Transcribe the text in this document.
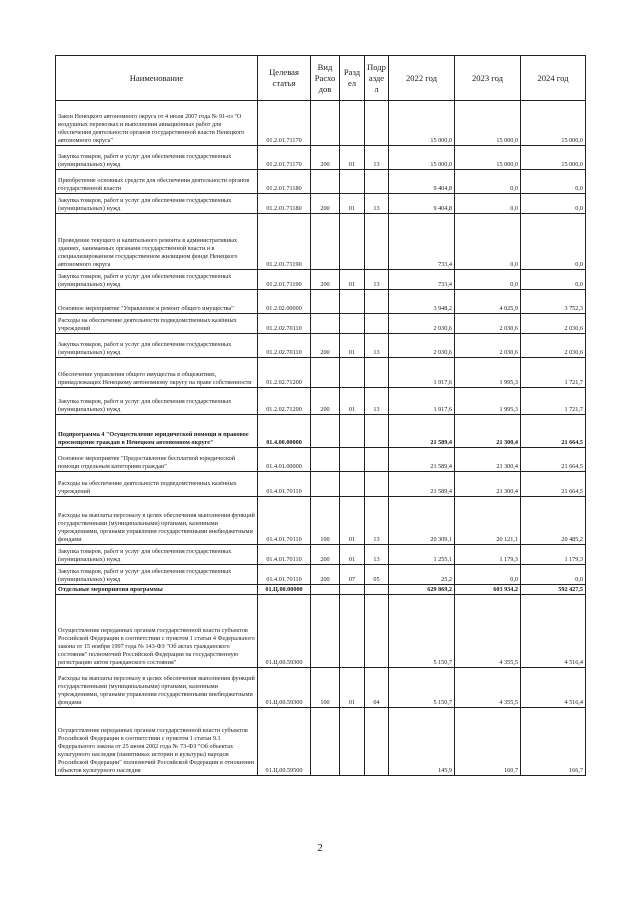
Наименование	Целевая статья	Вид Расхо дов	Разд ел	Подр азде л	2022 год	2023 год	2024 год
Закон Ненецкого автономного округа от 4 июля 2007 года № 91-оз "О воздушных перевозках и выполнении авиационных работ для обеспечения деятельности органов государственной власти Ненецкого автономного округа"	01.2.01.71170				15 000,0	15 000,0	15 000,0
Закупка товаров, работ и услуг для обеспечения государственных (муниципальных) нужд	01.2.01.71170	200	01	13	15 000,0	15 000,0	15 000,0
Приобретение основных средств для обеспечения деятельности органов государственной власти	01.2.01.71180				9 404,8	0,0	0,0
Закупка товаров, работ и услуг для обеспечения государственных (муниципальных) нужд	01.2.01.71180	200	01	13	9 404,8	0,0	0,0
Проведение текущего и капитального ремонта в административных зданиях, занимаемых органами государственной власти и в специализированном государственном жилищном фонде Ненецкого автономного округа	01.2.01.71190				733,4	0,0	0,0
Закупка товаров, работ и услуг для обеспечения государственных (муниципальных) нужд	01.2.01.71190	200	01	13	733,4	0,0	0,0
Основное мероприятие "Управление и ремонт общего имущества"	01.2.02.00000				3 948,2	4 025,9	3 752,3
Расходы на обеспечение деятельности подведомственных казённых учреждений	01.2.02.70110				2 030,6	2 030,6	2 030,6
Закупка товаров, работ и услуг для обеспечения государственных (муниципальных) нужд	01.2.02.70110	200	01	13	2 030,6	2 030,6	2 030,6
Обеспечение управления общего имущества в общежитиях, принадлежащих Ненецкому автономному округу на праве собственности	01.2.02.71200				1 917,6	1 995,3	1 721,7
Закупка товаров, работ и услуг для обеспечения государственных (муниципальных) нужд	01.2.02.71200	200	01	13	1 917,6	1 995,3	1 721,7
Подпрограмма 4 "Осуществление юридической помощи и правовое просвещение граждан в Ненецком автономном округе"	01.4.00.00000				21 589,4	21 300,4	21 664,5
Основное мероприятие "Предоставление бесплатной юридической помощи отдельным категориям граждан"	01.4.01.00000				21 589,4	21 300,4	21 664,5
Расходы на обеспечение деятельности подведомственных казённых учреждений	01.4.01.70110				21 589,4	21 300,4	21 664,5
Расходы на выплаты персоналу в целях обеспечения выполнения функций государственными (муниципальными) органами, казенными учреждениями, органами управления государственными внебюджетными фондами	01.4.01.70110	100	01	13	20 309,1	20 121,1	20 485,2
Закупка товаров, работ и услуг для обеспечения государственных (муниципальных) нужд	01.4.01.70110	200	01	13	1 255,1	1 179,3	1 179,3
Закупка товаров, работ и услуг для обеспечения государственных (муниципальных) нужд	01.4.01.70110	200	07	05	25,2	0,0	0,0
Отдельные мероприятия программы	01.Ц.00.00000				629 869,2	603 934,2	592 427,5
Осуществление переданных органам государственной власти субъектов Российской Федерации в соответствии с пунктом 1 статьи 4 Федерального закона от 15 ноября 1997 года № 143-ФЗ "Об актах гражданского состояния" полномочий Российской Федерации на государственную регистрацию актов гражданского состояния"	01.Ц.00.59300				5 150,7	4 355,5	4 516,4
Расходы на выплаты персоналу в целях обеспечения выполнения функций государственными (муниципальными) органами, казенными учреждениями, органами управления государственными внебюджетными фондами	01.Ц.00.59300	100	01	04	5 150,7	4 355,5	4 516,4
Осуществление переданных органам государственной власти субъектов Российской Федерации в соответствии с пунктом 1 статьи 9.1 Федерального закона от 25 июня 2002 года № 73-ФЗ "Об объектах культурного наследия (памятниках истории и культуры) народов Российской Федерации" полномочий Российской Федерации в отношении объектов культурного наследия	01.Ц.00.59500				145,9	160,7	166,7
2
